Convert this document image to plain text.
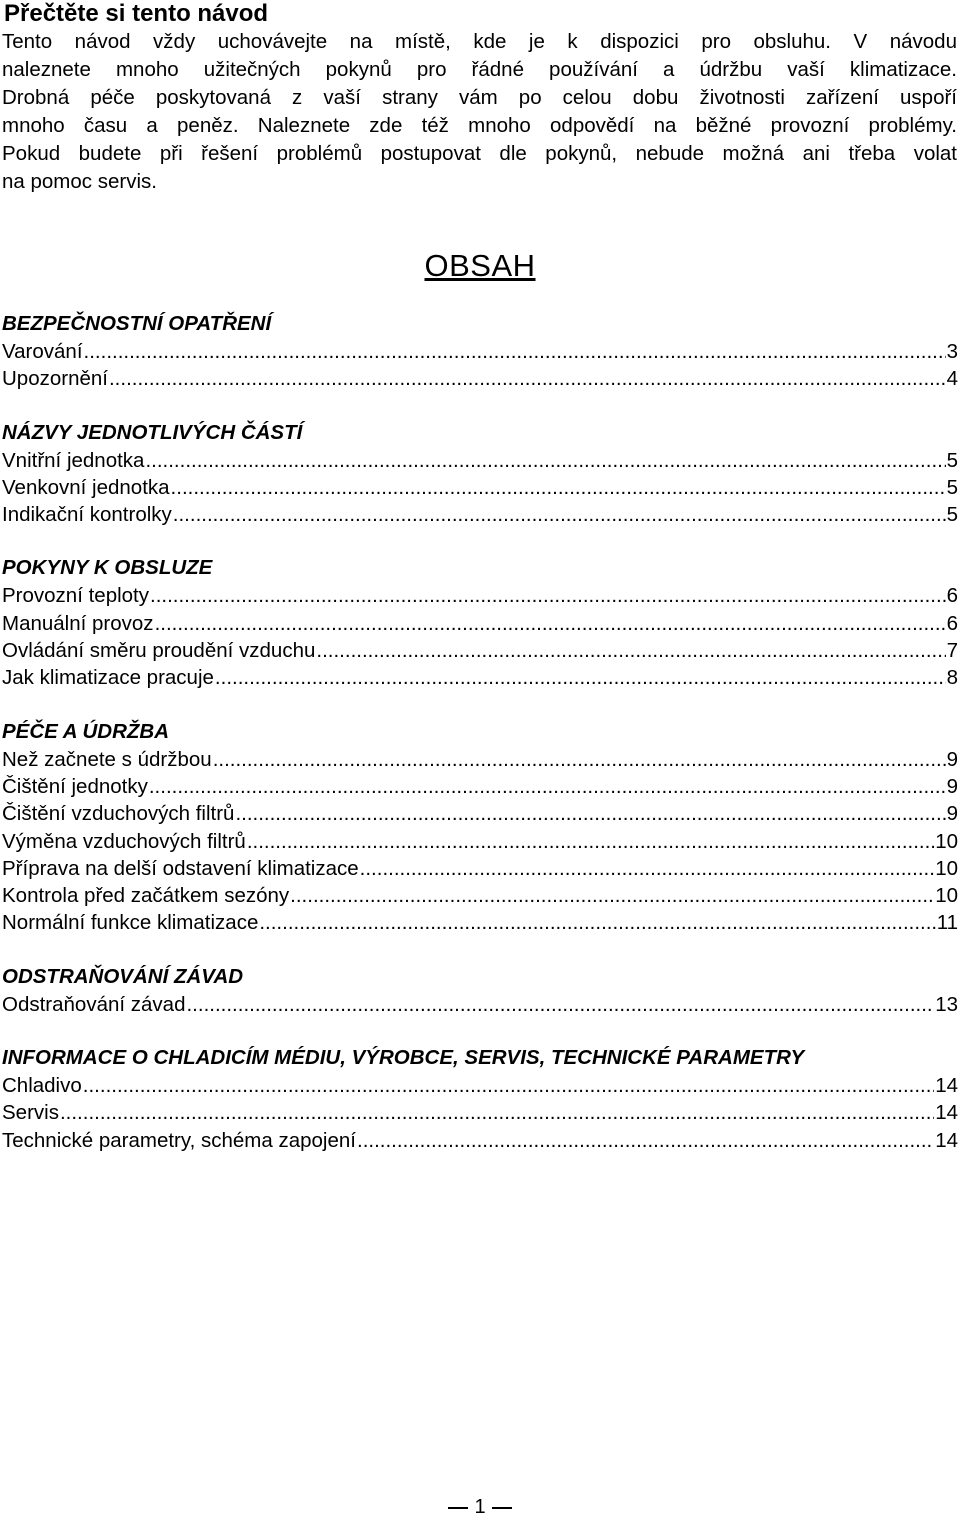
Přečtěte si tento návod
Tento návod vždy uchovávejte na místě, kde je k dispozici pro obsluhu. V návodu
naleznete mnoho užitečných pokynů pro řádné používání a údržbu vaší klimatizace.
Drobná péče poskytovaná z vaší strany vám po celou dobu životnosti zařízení uspoří
mnoho času a peněz. Naleznete zde též mnoho odpovědí na běžné provozní problémy.
Pokud budete při řešení problémů postupovat dle pokynů, nebude možná ani třeba volat
na pomoc servis.
OBSAH
BEZPEČNOSTNÍ OPATŘENÍ
Varování .....	3
Upozornění .....	4
NÁZVY JEDNOTLIVÝCH ČÁSTÍ
Vnitřní jednotka .....	5
Venkovní jednotka .....	5
Indikační kontrolky .....	5
POKYNY K OBSLUZE
Provozní teploty .....	6
Manuální provoz .....	6
Ovládání směru proudění vzduchu .....	7
Jak klimatizace pracuje .....	8
PÉČE A ÚDRŽBA
Než začnete s údržbou .....	9
Čištění jednotky .....	9
Čištění vzduchových filtrů .....	9
Výměna vzduchových filtrů .....	10
Příprava na delší odstavení klimatizace .....	10
Kontrola před začátkem sezóny .....	10
Normální funkce klimatizace .....	11
ODSTRAŇOVÁNÍ ZÁVAD
Odstraňování závad .....	13
INFORMACE O CHLADICÍM MÉDIU, VÝROBCE, SERVIS, TECHNICKÉ PARAMETRY
Chladivo .....	14
Servis .....	14
Technické parametry, schéma zapojení .....	14
1
